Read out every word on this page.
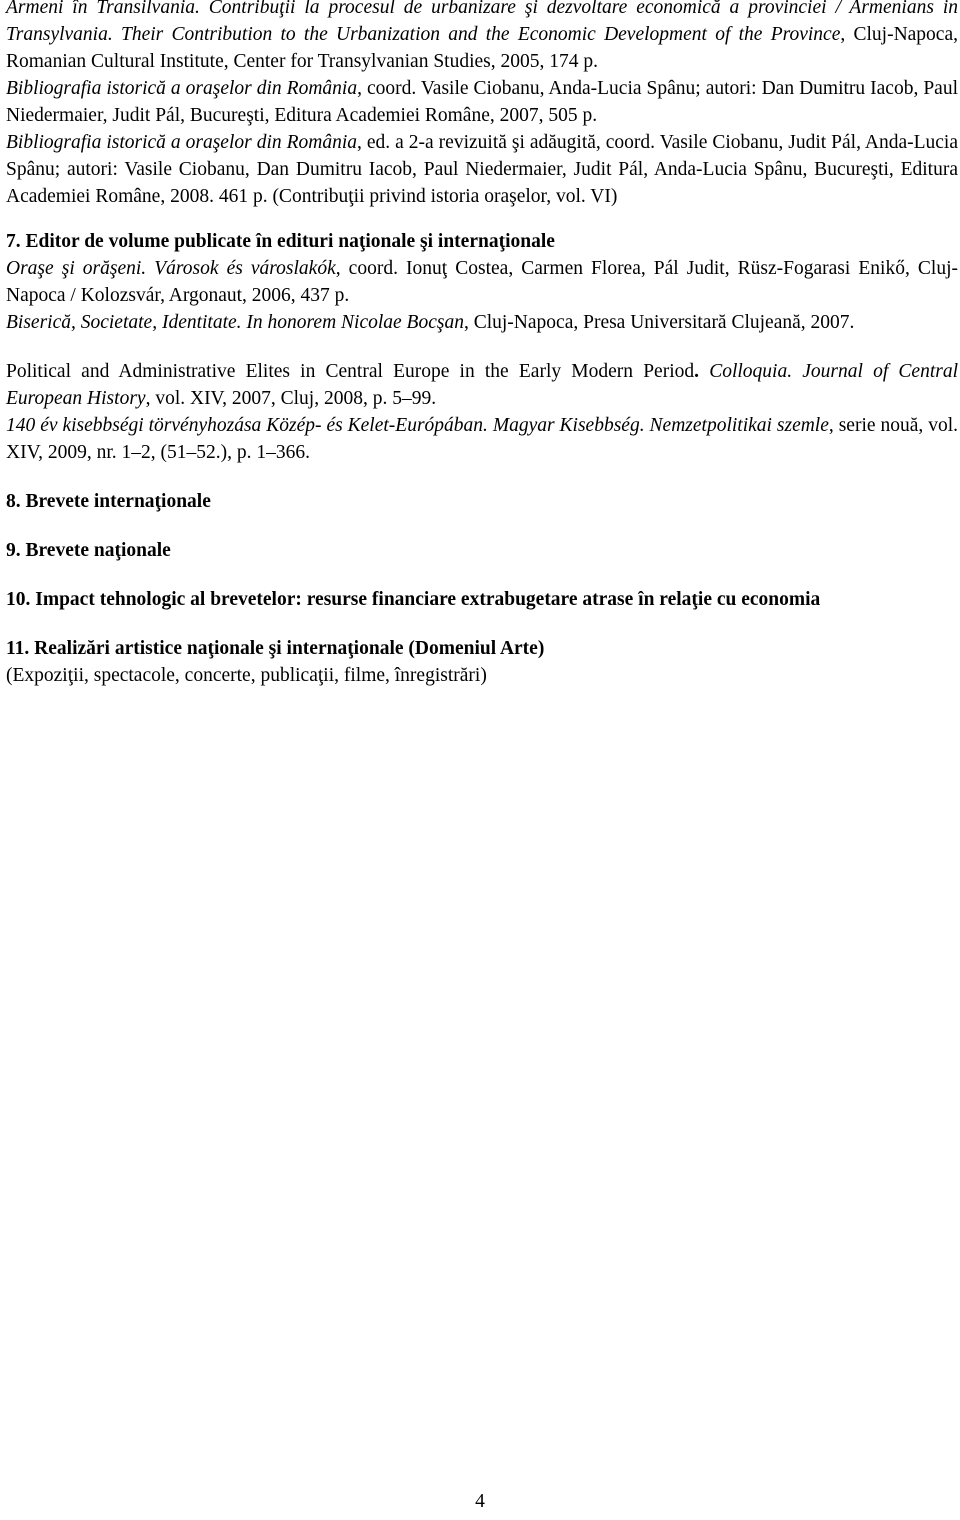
Armeni în Transilvania. Contribuţii la procesul de urbanizare şi dezvoltare economică a provinciei / Armenians in Transylvania. Their Contribution to the Urbanization and the Economic Development of the Province, Cluj-Napoca, Romanian Cultural Institute, Center for Transylvanian Studies, 2005, 174 p.

Bibliografia istorică a oraşelor din România, coord. Vasile Ciobanu, Anda-Lucia Spânu; autori: Dan Dumitru Iacob, Paul Niedermaier, Judit Pál, Bucureşti, Editura Academiei Române, 2007, 505 p.

Bibliografia istorică a oraşelor din România, ed. a 2-a revizuită şi adăugită, coord. Vasile Ciobanu, Judit Pál, Anda-Lucia Spânu; autori: Vasile Ciobanu, Dan Dumitru Iacob, Paul Niedermaier, Judit Pál, Anda-Lucia Spânu, Bucureşti, Editura Academiei Române, 2008. 461 p. (Contribuţii privind istoria oraşelor, vol. VI)

7. Editor de volume publicate în edituri naţionale şi internaţionale

Oraşe şi orăşeni. Városok és városlakók, coord. Ionuţ Costea, Carmen Florea, Pál Judit, Rüsz-Fogarasi Enikő, Cluj-Napoca / Kolozsvár, Argonaut, 2006, 437 p.

Biserică, Societate, Identitate. In honorem Nicolae Bocşan, Cluj-Napoca, Presa Universitară Clujeană, 2007.

Political and Administrative Elites in Central Europe in the Early Modern Period. Colloquia. Journal of Central European History, vol. XIV, 2007, Cluj, 2008, p. 5–99.

140 év kisebbségi törvényhozása Közép- és Kelet-Európában. Magyar Kisebbség. Nemzetpolitikai szemle, serie nouă, vol. XIV, 2009, nr. 1–2, (51–52.), p. 1–366.

8. Brevete internaţionale

9. Brevete naţionale

10. Impact tehnologic al brevetelor: resurse financiare extrabugetare atrase în relaţie cu economia

11. Realizări artistice naţionale şi internaţionale (Domeniul Arte)

(Expoziţii, spectacole, concerte, publicaţii, filme, înregistrări)

4
